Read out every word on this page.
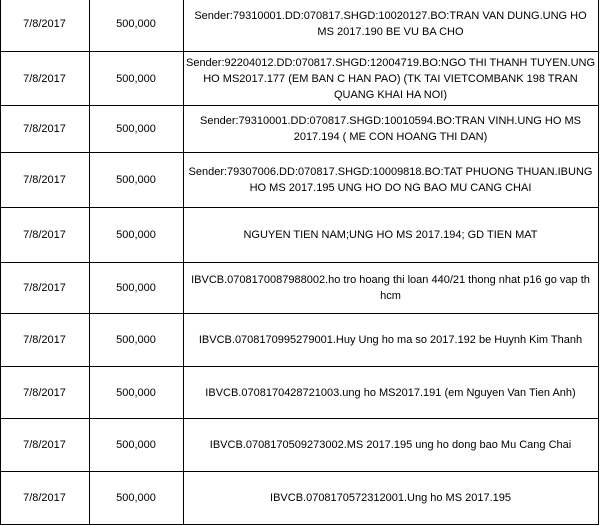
	7/8/2017	500,000	Sender:79310001.DD:070817.SHGD:10020127.BO:TRAN VAN DUNG.UNG HO MS 2017.190 BE VU BA CHO
	7/8/2017	500,000	Sender:92204012.DD:070817.SHGD:12004719.BO:NGO THI THANH TUYEN.UNG HO MS2017.177 (EM BAN C HAN PAO) (TK TAI VIETCOMBANK 198 TRAN QUANG KHAI HA NOI)
	7/8/2017	500,000	Sender:79310001.DD:070817.SHGD:10010594.BO:TRAN VINH.UNG HO MS 2017.194 ( ME CON HOANG THI DAN)
	7/8/2017	500,000	Sender:79307006.DD:070817.SHGD:10009818.BO:TAT PHUONG THUAN.IBUNG HO MS 2017.195 UNG HO DO NG BAO MU CANG CHAI
	7/8/2017	500,000	NGUYEN TIEN NAM;UNG HO MS 2017.194; GD TIEN MAT
	7/8/2017	500,000	IBVCB.0708170087988002.ho tro hoang thi loan 440/21 thong nhat p16 go vap th hcm
	7/8/2017	500,000	IBVCB.0708170995279001.Huy Ung ho ma so 2017.192 be Huynh Kim Thanh
	7/8/2017	500,000	IBVCB.0708170428721003.ung ho MS2017.191 (em Nguyen Van Tien Anh)
	7/8/2017	500,000	IBVCB.0708170509273002.MS 2017.195 ung ho dong bao Mu Cang Chai
	7/8/2017	500,000	IBVCB.0708170572312001.Ung ho MS 2017.195
